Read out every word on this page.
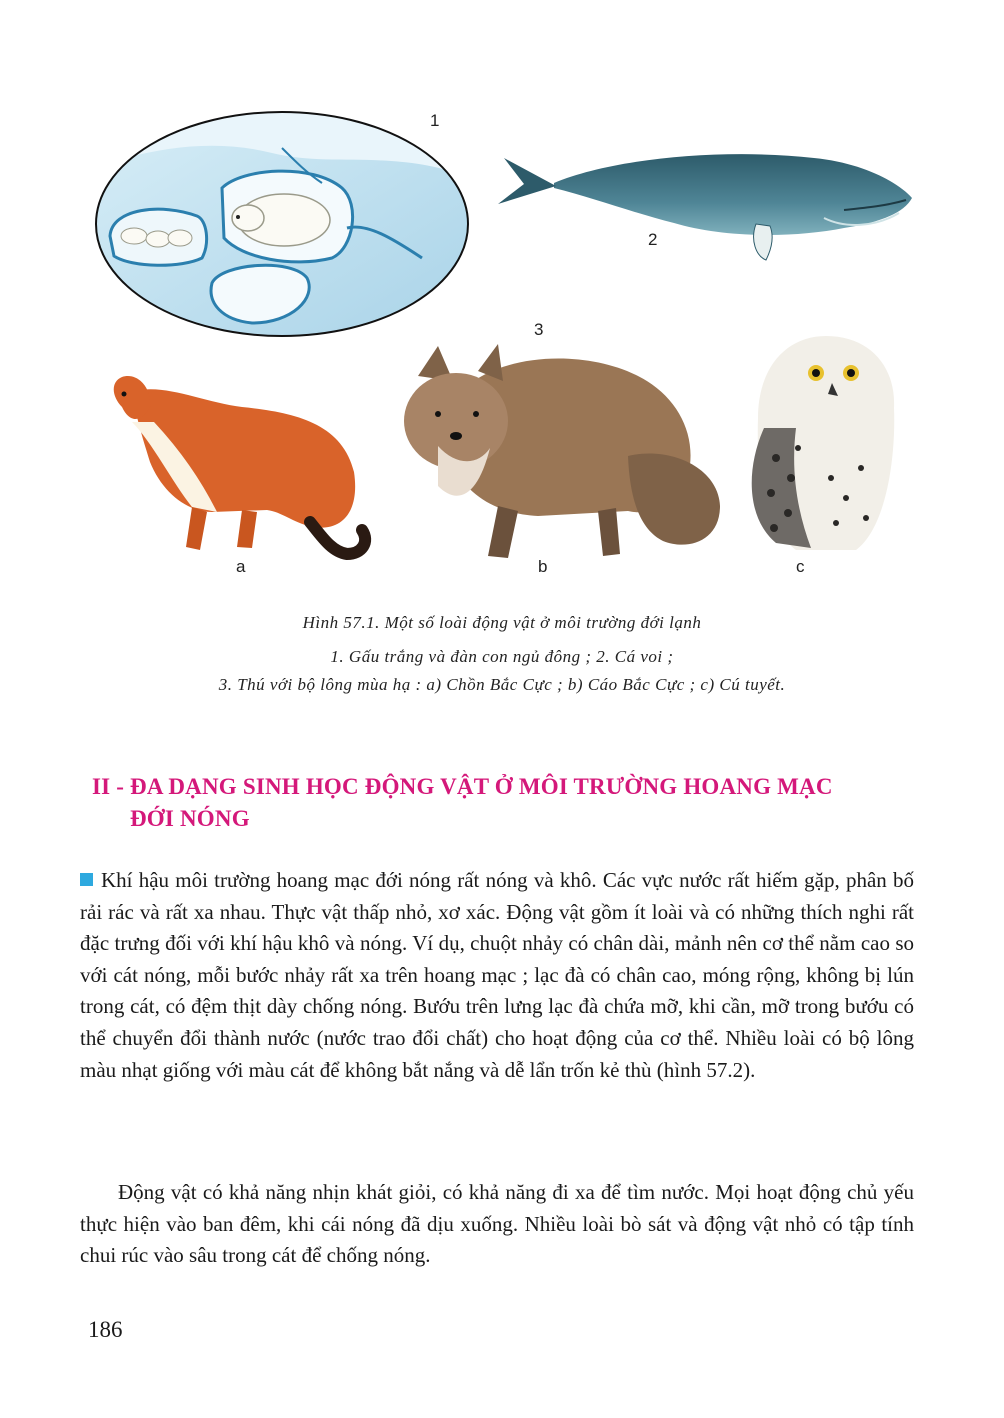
1
2
3
a	b	c
Hình 57.1. Một số loài động vật ở môi trường đới lạnh
1. Gấu trắng và đàn con ngủ đông ; 2. Cá voi ;
3. Thú với bộ lông mùa hạ : a) Chồn Bắc Cực ; b) Cáo Bắc Cực ; c) Cú tuyết.
II - ĐA DẠNG SINH HỌC ĐỘNG VẬT Ở MÔI TRƯỜNG HOANG MẠC
ĐỚI NÓNG
Khí hậu môi trường hoang mạc đới nóng rất nóng và khô. Các vực nước rất hiếm gặp, phân bố rải rác và rất xa nhau. Thực vật thấp nhỏ, xơ xác. Động vật gồm ít loài và có những thích nghi rất đặc trưng đối với khí hậu khô và nóng. Ví dụ, chuột nhảy có chân dài, mảnh nên cơ thể nằm cao so với cát nóng, mỗi bước nhảy rất xa trên hoang mạc ; lạc đà có chân cao, móng rộng, không bị lún trong cát, có đệm thịt dày chống nóng. Bướu trên lưng lạc đà chứa mỡ, khi cần, mỡ trong bướu có thể chuyển đổi thành nước (nước trao đổi chất) cho hoạt động của cơ thể. Nhiều loài có bộ lông màu nhạt giống với màu cát để không bắt nắng và dễ lẩn trốn kẻ thù (hình 57.2).
Động vật có khả năng nhịn khát giỏi, có khả năng đi xa để tìm nước. Mọi hoạt động chủ yếu thực hiện vào ban đêm, khi cái nóng đã dịu xuống. Nhiều loài bò sát và động vật nhỏ có tập tính chui rúc vào sâu trong cát để chống nóng.
186
